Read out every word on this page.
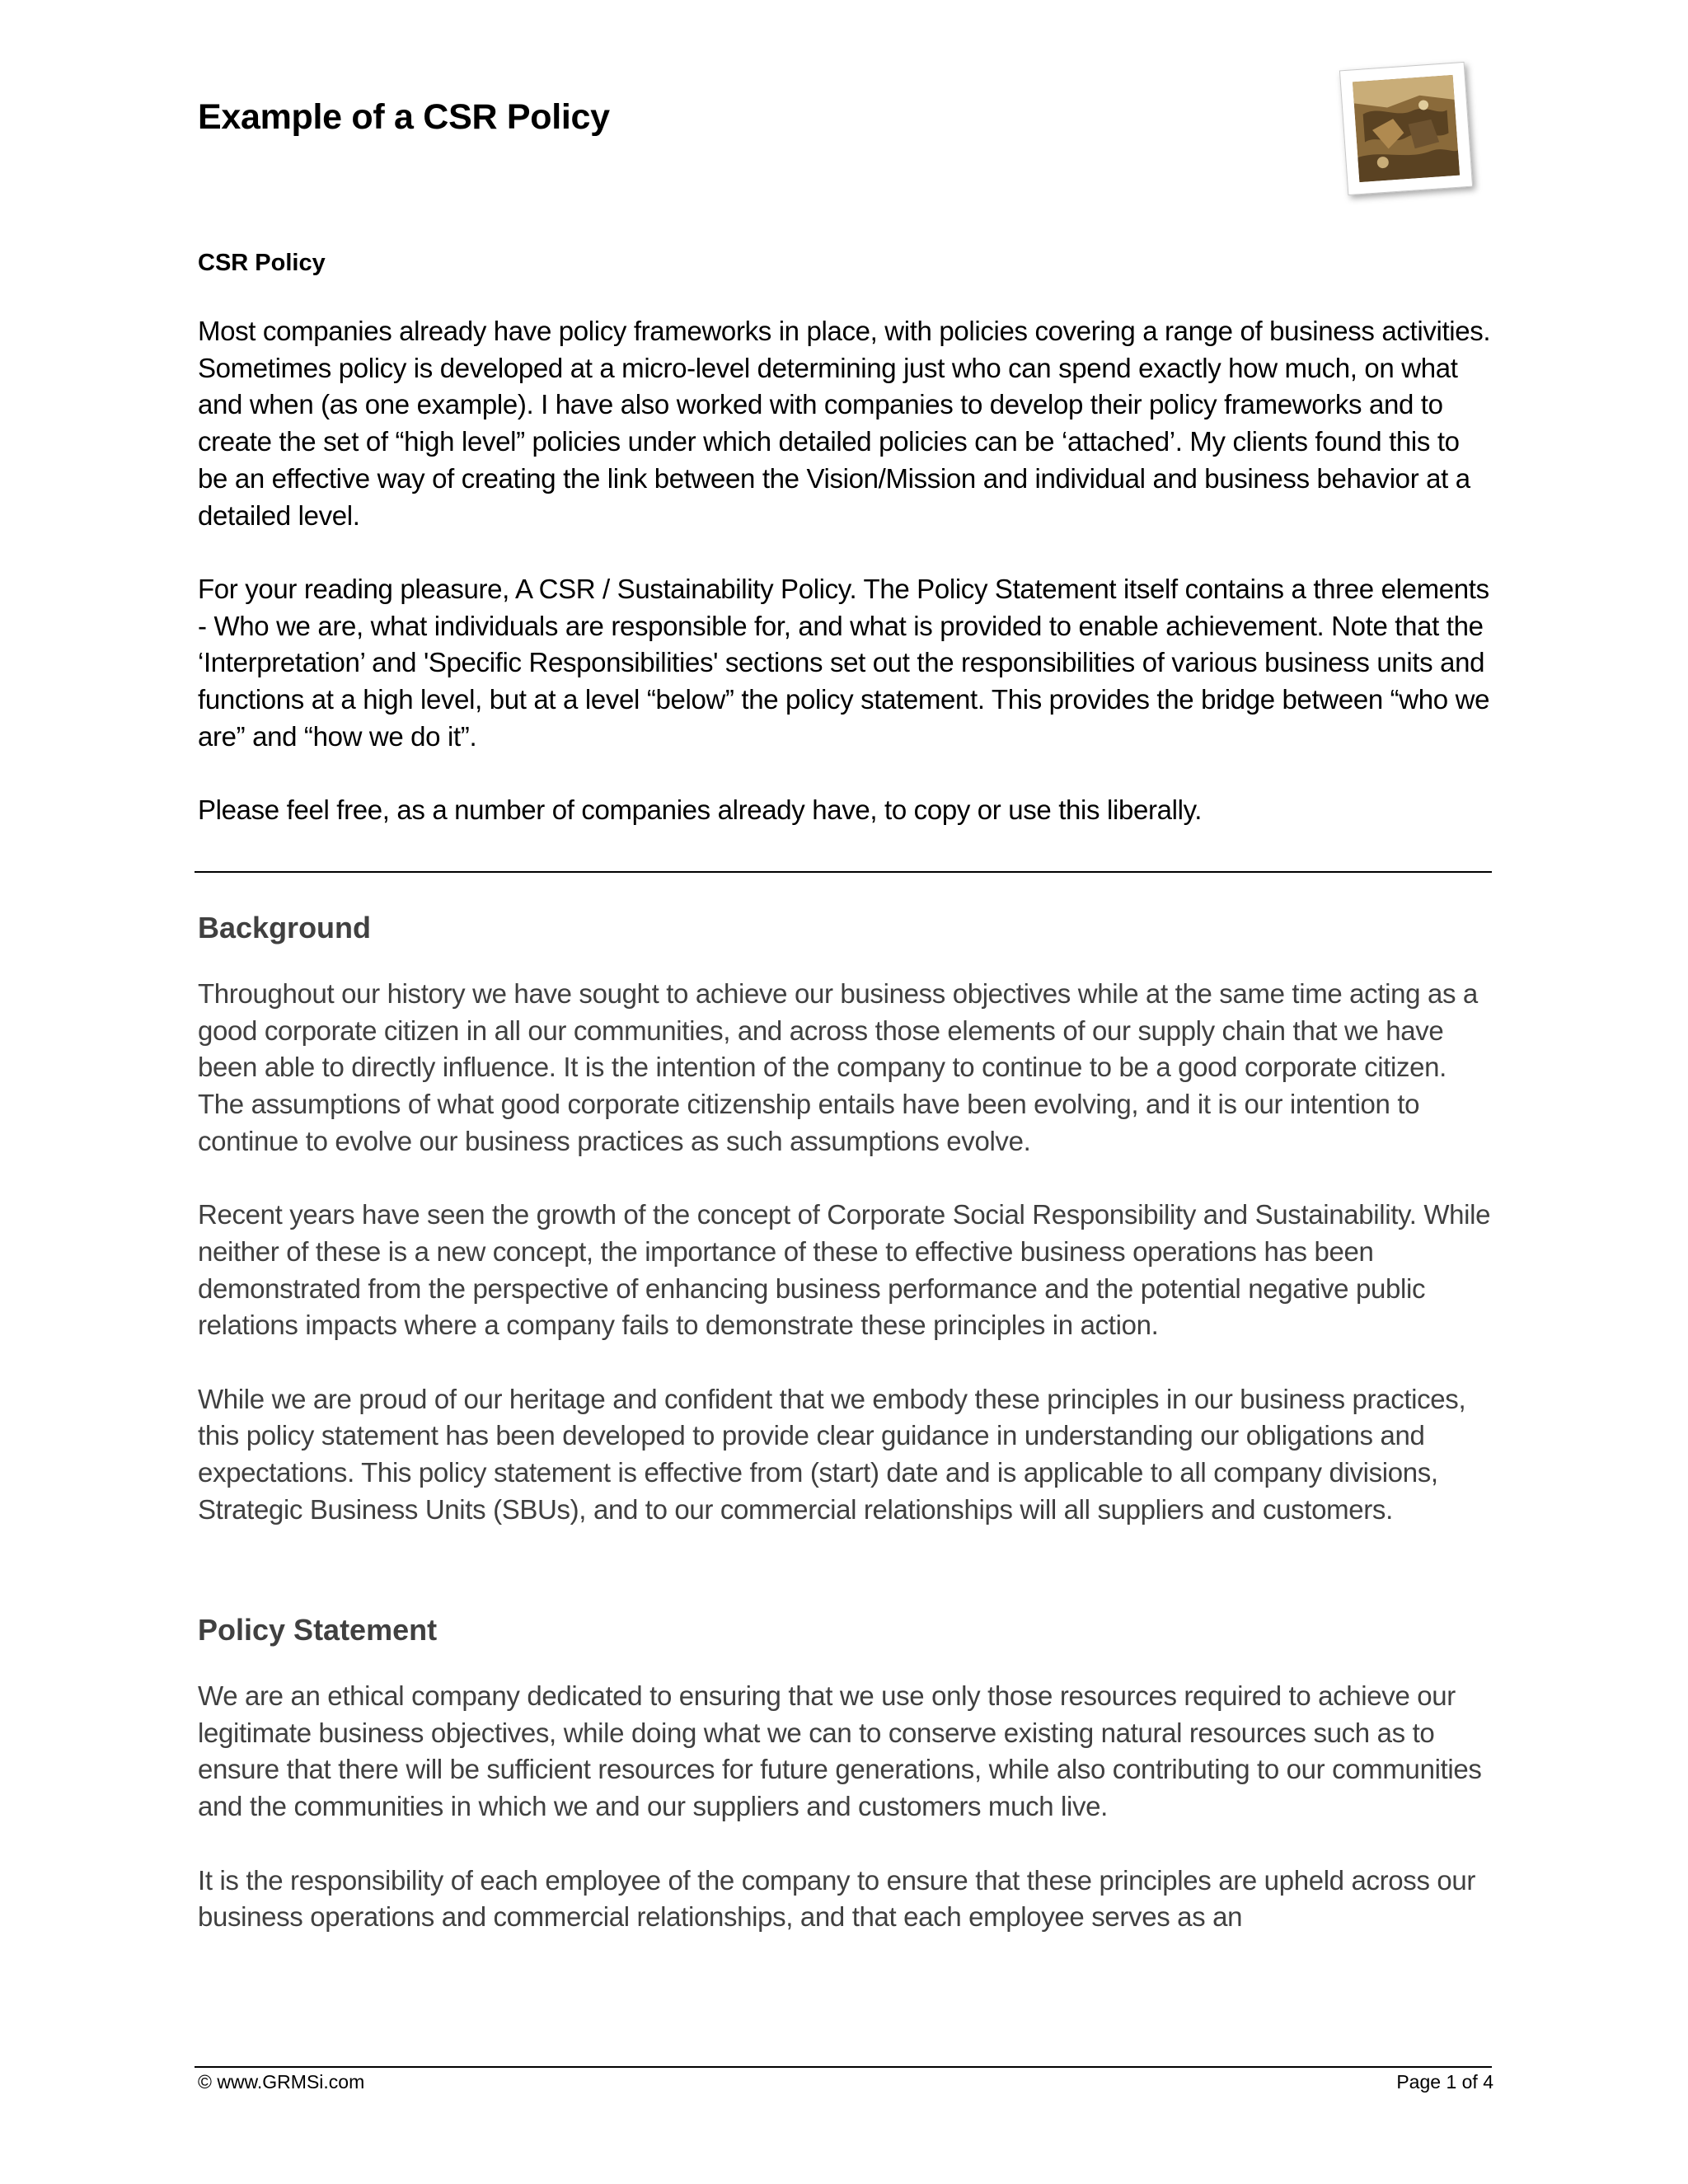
Example of a CSR Policy
CSR Policy

Most companies already have policy frameworks in place, with policies covering a range of business activities. Sometimes policy is developed at a micro-level determining just who can spend exactly how much, on what and when (as one example). I have also worked with companies to develop their policy frameworks and to create the set of “high level” policies under which detailed policies can be ‘attached’. My clients found this to be an effective way of creating the link between the Vision/Mission and individual and business behavior at a detailed level.

For your reading pleasure, A CSR / Sustainability Policy. The Policy Statement itself contains a three elements - Who we are, what individuals are responsible for, and what is provided to enable achievement. Note that the ‘Interpretation’ and 'Specific Responsibilities' sections set out the responsibilities of various business units and functions at a high level, but at a level “below” the policy statement. This provides the bridge between “who we are” and “how we do it”.

Please feel free, as a number of companies already have, to copy or use this liberally.

Background

Throughout our history we have sought to achieve our business objectives while at the same time acting as a good corporate citizen in all our communities, and across those elements of our supply chain that we have been able to directly influence. It is the intention of the company to continue to be a good corporate citizen. The assumptions of what good corporate citizenship entails have been evolving, and it is our intention to continue to evolve our business practices as such assumptions evolve.

Recent years have seen the growth of the concept of Corporate Social Responsibility and Sustainability. While neither of these is a new concept, the importance of these to effective business operations has been demonstrated from the perspective of enhancing business performance and the potential negative public relations impacts where a company fails to demonstrate these principles in action.

While we are proud of our heritage and confident that we embody these principles in our business practices, this policy statement has been developed to provide clear guidance in understanding our obligations and expectations. This policy statement is effective from (start) date and is applicable to all company divisions, Strategic Business Units (SBUs), and to our commercial relationships will all suppliers and customers.

Policy Statement

We are an ethical company dedicated to ensuring that we use only those resources required to achieve our legitimate business objectives, while doing what we can to conserve existing natural resources such as to ensure that there will be sufficient resources for future generations, while also contributing to our communities and the communities in which we and our suppliers and customers much live.

It is the responsibility of each employee of the company to ensure that these principles are upheld across our business operations and commercial relationships, and that each employee serves as an

© www.GRMSi.com	Page 1 of 4
